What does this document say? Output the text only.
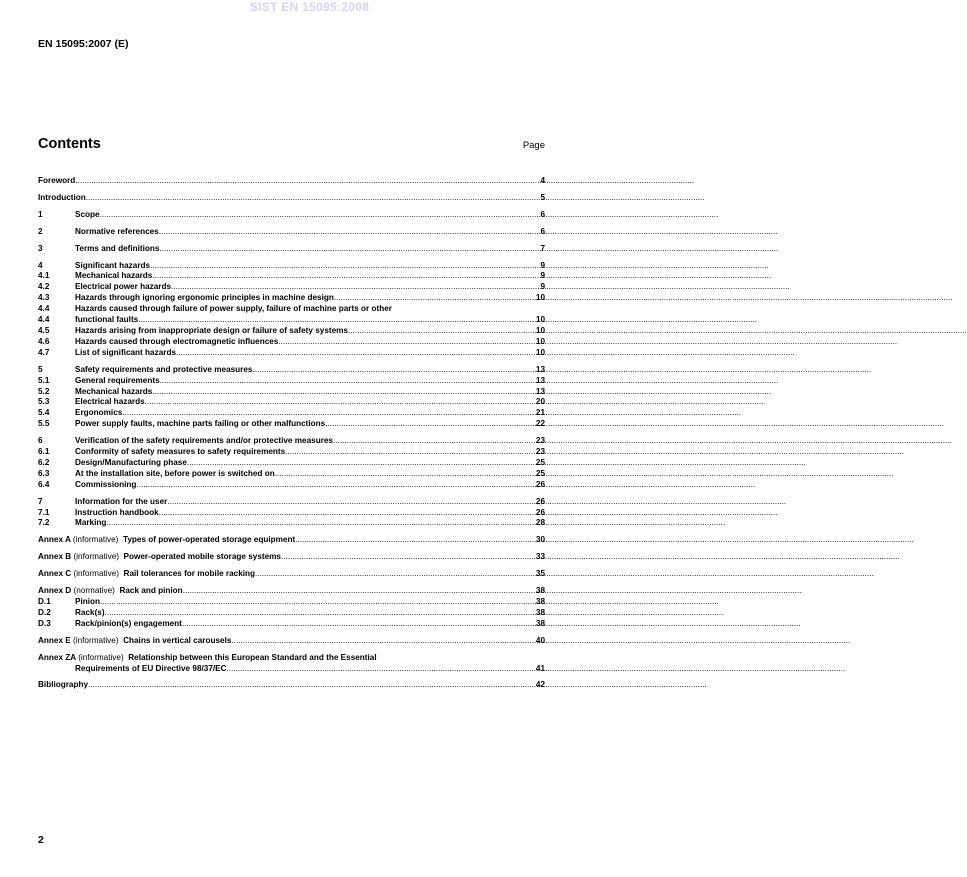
SIST EN 15095:2008
EN 15095:2007 (E)
Contents	Page
Foreword .....	4
Introduction .....	5
1	Scope .....	6
2	Normative references .....	6
3	Terms and definitions .....	7
4	Significant hazards .....	9
4.1	Mechanical hazards .....	9
4.2	Electrical power hazards .....	9
4.3	Hazards through ignoring ergonomic principles in machine design .....	10
4.4	Hazards caused through failure of power supply, failure of machine parts or other
4.4	functional faults .....	10
4.5	Hazards arising from inappropriate design or failure of safety systems .....	10
4.6	Hazards caused through electromagnetic influences .....	10
4.7	List of significant hazards .....	10
5	Safety requirements and protective measures .....	13
5.1	General requirements .....	13
5.2	Mechanical hazards .....	13
5.3	Electrical hazards .....	20
5.4	Ergonomics .....	21
5.5	Power supply faults, machine parts failing or other malfunctions .....	22
6	Verification of the safety requirements and/or protective measures .....	23
6.1	Conformity of safety measures to safety requirements .....	23
6.2	Design/Manufacturing phase .....	25
6.3	At the installation site, before power is switched on .....	25
6.4	Commissioning .....	26
7	Information for the user .....	26
7.1	Instruction handbook .....	26
7.2	Marking .....	28
Annex A (informative) Types of power-operated storage equipment .....	30
Annex B (informative) Power-operated mobile storage systems .....	33
Annex C (informative) Rail tolerances for mobile racking .....	35
Annex D (normative) Rack and pinion .....	38
D.1	Pinion .....	38
D.2	Rack(s) .....	38
D.3	Rack/pinion(s) engagement .....	38
Annex E (informative) Chains in vertical carousels .....	40
Annex ZA (informative) Relationship between this European Standard and the Essential
Requirements of EU Directive 98/37/EC .....	41
Bibliography .....	42
2
